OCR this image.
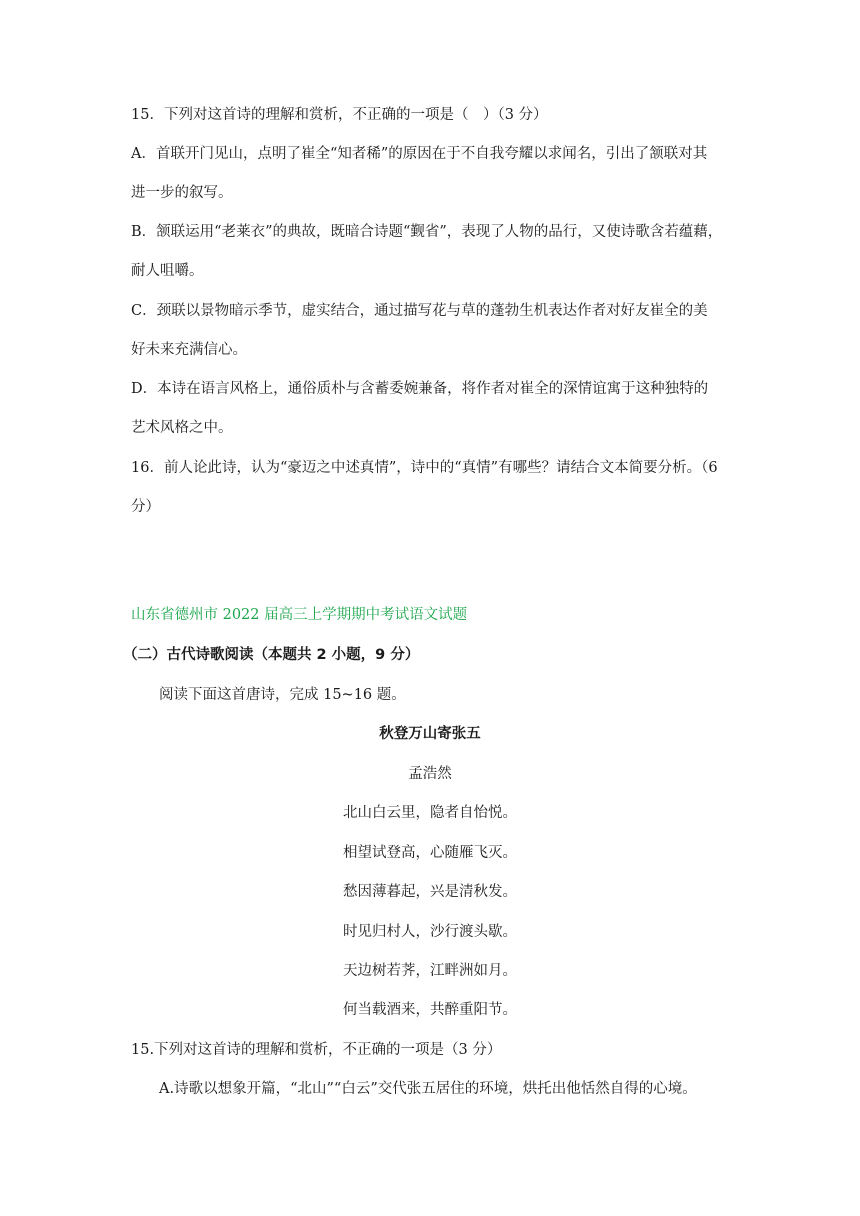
15．下列对这首诗的理解和赏析，不正确的一项是（　）（3 分）
A．首联开门见山，点明了崔全“知者稀”的原因在于不自我夸耀以求闻名，引出了颔联对其
进一步的叙写。
B．颔联运用“老莱衣”的典故，既暗合诗题“觐省”，表现了人物的品行，又使诗歌含若蕴藉，
耐人咀嚼。
C．颈联以景物暗示季节，虚实结合，通过描写花与草的蓬勃生机表达作者对好友崔全的美
好未来充满信心。
D．本诗在语言风格上，通俗质朴与含蓄委婉兼备，将作者对崔全的深情谊寓于这种独特的
艺术风格之中。
16．前人论此诗，认为“豪迈之中述真情”，诗中的“真情”有哪些？请结合文本简要分析。（6
分）
山东省德州市 2022 届高三上学期期中考试语文试题
（二）古代诗歌阅读（本题共 2 小题，9 分）
阅读下面这首唐诗，完成 15~16 题。
秋登万山寄张五
孟浩然
北山白云里，隐者自怡悦。
相望试登高，心随雁飞灭。
愁因薄暮起，兴是清秋发。
时见归村人，沙行渡头歇。
天边树若荠，江畔洲如月。
何当载酒来，共醉重阳节。
15.下列对这首诗的理解和赏析，不正确的一项是（3 分）
A.诗歌以想象开篇，“北山”“白云”交代张五居住的环境，烘托出他恬然自得的心境。
